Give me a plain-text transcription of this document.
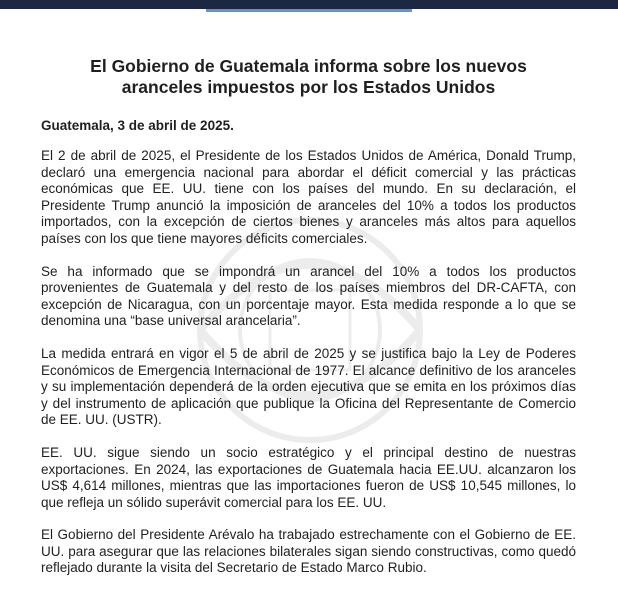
El Gobierno de Guatemala informa sobre los nuevos
aranceles impuestos por los Estados Unidos
Guatemala, 3 de abril de 2025.

El 2 de abril de 2025, el Presidente de los Estados Unidos de América, Donald Trump, declaró una emergencia nacional para abordar el déficit comercial y las prácticas económicas que EE. UU. tiene con los países del mundo. En su declaración, el Presidente Trump anunció la imposición de aranceles del 10% a todos los productos importados, con la excepción de ciertos bienes y aranceles más altos para aquellos países con los que tiene mayores déficits comerciales.

Se ha informado que se impondrá un arancel del 10% a todos los productos provenientes de Guatemala y del resto de los países miembros del DR-CAFTA, con excepción de Nicaragua, con un porcentaje mayor. Esta medida responde a lo que se denomina una “base universal arancelaria”.

La medida entrará en vigor el 5 de abril de 2025 y se justifica bajo la Ley de Poderes Económicos de Emergencia Internacional de 1977. El alcance definitivo de los aranceles y su implementación dependerá de la orden ejecutiva que se emita en los próximos días y del instrumento de aplicación que publique la Oficina del Representante de Comercio de EE. UU. (USTR).

EE. UU. sigue siendo un socio estratégico y el principal destino de nuestras exportaciones. En 2024, las exportaciones de Guatemala hacia EE.UU. alcanzaron los US$ 4,614 millones, mientras que las importaciones fueron de US$ 10,545 millones, lo que refleja un sólido superávit comercial para los EE. UU.

El Gobierno del Presidente Arévalo ha trabajado estrechamente con el Gobierno de EE. UU. para asegurar que las relaciones bilaterales sigan siendo constructivas, como quedó reflejado durante la visita del Secretario de Estado Marco Rubio.
